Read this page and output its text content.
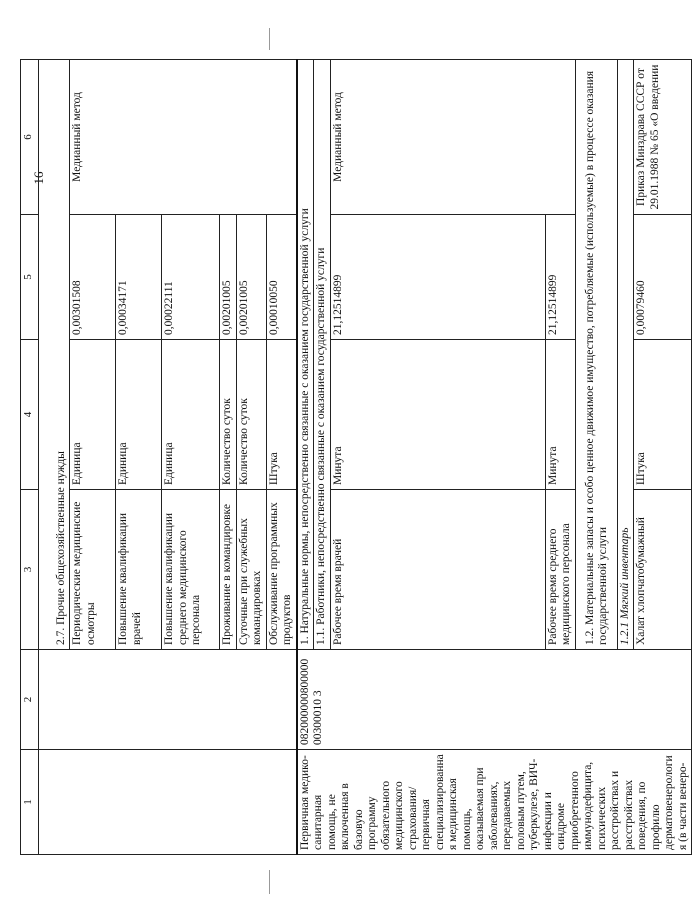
16
1	2	3	4	5	6
		2.7. Прочие общехозяйственные нужды			
		Периодические медицинские осмотры	Единица	0,00301508	Медианный метод
		Повышение квалификации врачей	Единица	0,00034171	
		Повышение квалификации среднего медицинского персонала	Единица	0,00022111	
		Проживание в командировке	Количество суток	0,00201005	
		Суточные при служебных командировках	Количество суток	0,00201005	
		Обслуживание программных продуктов	Штука	0,00010050	
Первичная медико-санитарная помощь, не включенная в базовую программу обязательного медицинского страхования/первичная специализированная медицинская помощь, оказываемая при заболеваниях, передаваемых половым путем, туберкулезе, ВИЧ-инфекции и синдроме приобретенного иммунодефицита, психических расстройствах и расстройствах поведения, по профилю дерматовенерология (в части венеро-	08200000080000000300010 3	1. Натуральные нормы, непосредственно связанные с оказанием государственной услуги			
		1.1. Работники, непосредственно связанные с оказанием государственной услуги			
		Рабочее время врачей	Минута	21,12514899	Медианный метод
		Рабочее время среднего медицинского персонала	Минута	21,12514899	
		1.2. Материальные запасы и особо ценное движимое имущество, потребляемые (используемые) в процессе оказания государственной услуги			
		1.2.1 Мягкий инвентарь			
		Халат хлопчатобумажный	Штука	0,00079460	Приказ Минздрава СССР от 29.01.1988 № 65 «О введении
